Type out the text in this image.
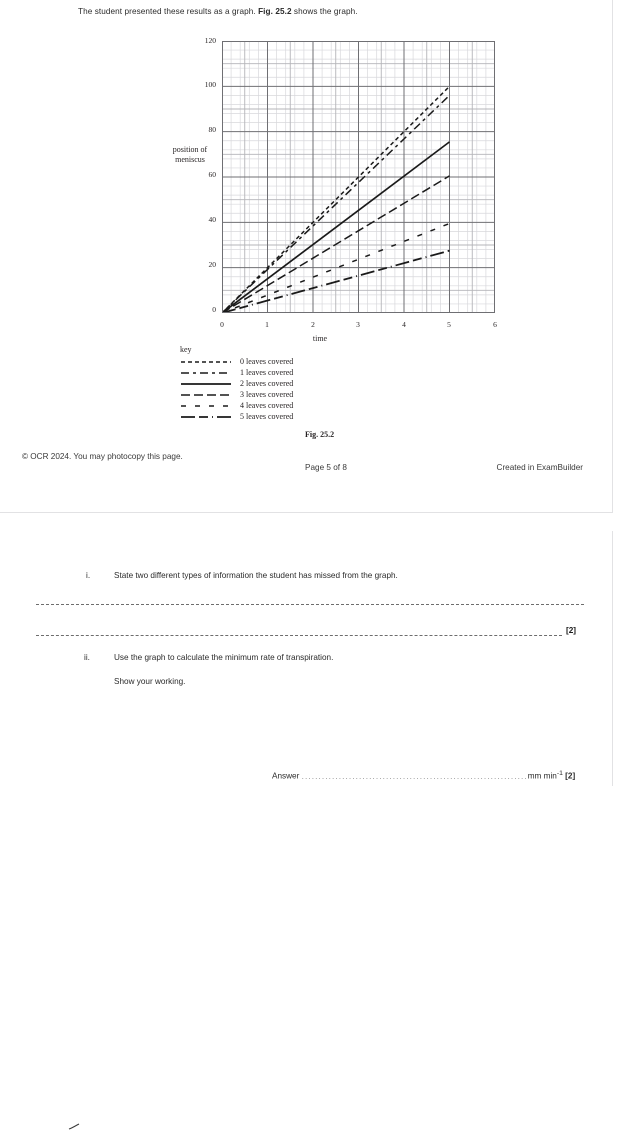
The student presented these results as a graph. Fig. 25.2 shows the graph.
position of
meniscus
time
120
100
80
60
40
20
0
0	1	2	3	4	5	6
key
0 leaves covered
1 leaves covered
2 leaves covered
3 leaves covered
4 leaves covered
5 leaves covered
Fig. 25.2
© OCR 2024. You may photocopy this page.
Page 5 of 8	Created in ExamBuilder
i.	State two different types of information the student has missed from the graph.
[2]
ii.	Use the graph to calculate the minimum rate of transpiration.
Show your working.
Answer ...................................................................mm $\min^{-1} [2]$
